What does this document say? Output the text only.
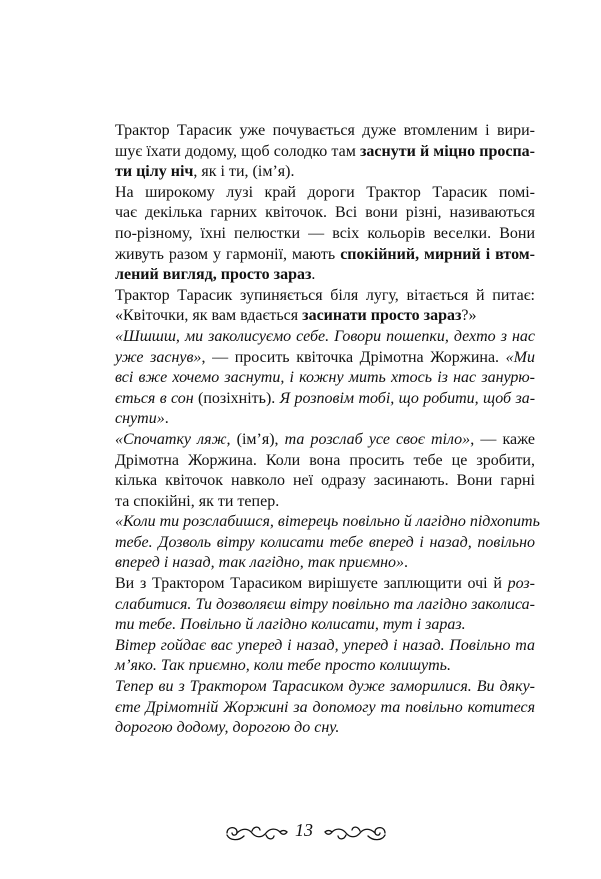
Трактор Тарасик уже почувається дуже втомленим і вири-
шує їхати додому, щоб солодко там заснути й міцно проспа-
ти цілу ніч, як і ти, (ім’я).
На широкому лузі край дороги Трактор Тарасик помі-
чає декілька гарних квіточок. Всі вони різні, називаються
по-різному, їхні пелюстки — всіх кольорів веселки. Вони
живуть разом у гармонії, мають спокійний, мирний і втом-
лений вигляд, просто зараз.
Трактор Тарасик зупиняється біля лугу, вітається й питає:
«Квіточки, як вам вдається засинати просто зараз?»
«Шшшш, ми заколисуємо себе. Говори пошепки, дехто з нас
уже заснув», — просить квіточка Дрімотна Жоржина. «Ми
всі вже хочемо заснути, і кожну мить хтось із нас занурю-
ється в сон (позіхніть). Я розповім тобі, що робити, щоб за-
снути».
«Спочатку ляж, (ім’я), та розслаб усе своє тіло», — каже
Дрімотна Жоржина. Коли вона просить тебе це зробити,
кілька квіточок навколо неї одразу засинають. Вони гарні
та спокійні, як ти тепер.
«Коли ти розслабишся, вітерець повільно й лагідно підхопить
тебе. Дозволь вітру колисати тебе вперед і назад, повільно
вперед і назад, так лагідно, так приємно».
Ви з Трактором Тарасиком вирішуєте заплющити очі й роз-
слабитися. Ти дозволяєш вітру повільно та лагідно заколиса-
ти тебе. Повільно й лагідно колисати, тут і зараз.
Вітер гойдає вас уперед і назад, уперед і назад. Повільно та
м’яко. Так приємно, коли тебе просто колишуть.
Тепер ви з Трактором Тарасиком дуже заморилися. Ви дяку-
єте Дрімотній Жоржині за допомогу та повільно котитеся
дорогою додому, дорогою до сну.
13
